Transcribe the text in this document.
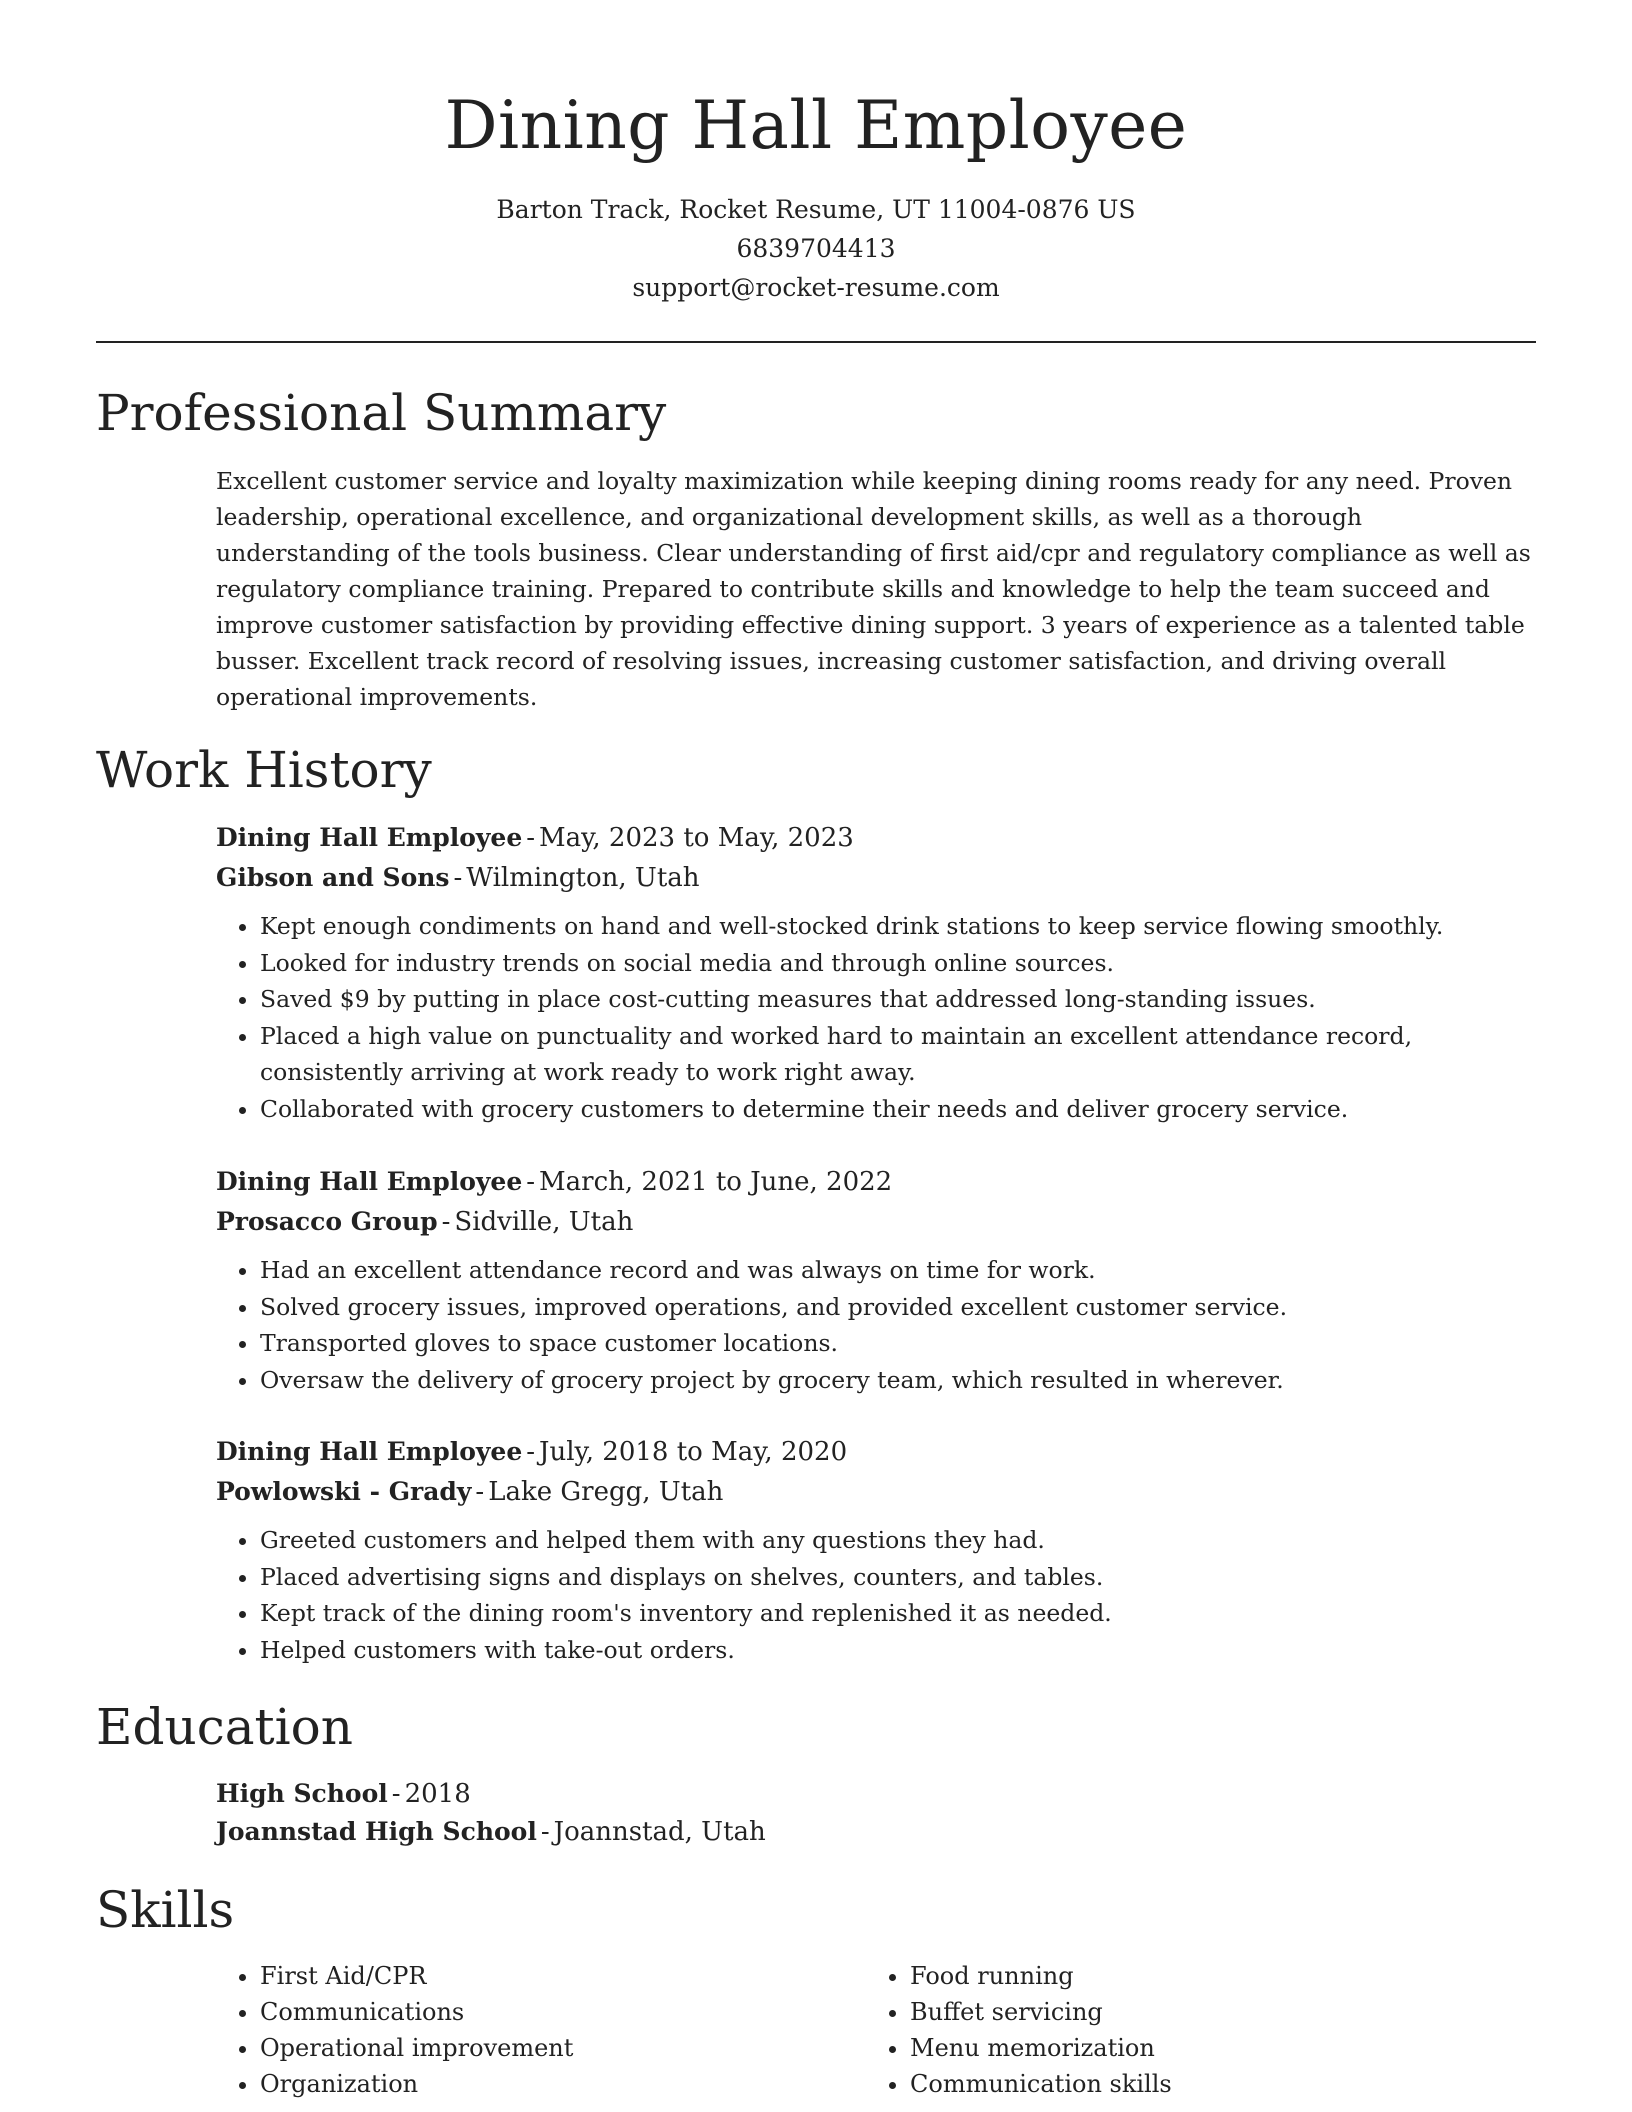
Dining Hall Employee
Barton Track, Rocket Resume, UT 11004-0876 US
6839704413
support@rocket-resume.com
Professional Summary

Excellent customer service and loyalty maximization while keeping dining rooms ready for any need. Proven leadership, operational excellence, and organizational development skills, as well as a thorough understanding of the tools business. Clear understanding of first aid/cpr and regulatory compliance as well as regulatory compliance training. Prepared to contribute skills and knowledge to help the team succeed and improve customer satisfaction by providing effective dining support. 3 years of experience as a talented table busser. Excellent track record of resolving issues, increasing customer satisfaction, and driving overall operational improvements.

Work History
Dining Hall Employee - May, 2023 to May, 2023
Gibson and Sons - Wilmington, Utah
• Kept enough condiments on hand and well-stocked drink stations to keep service flowing smoothly.
• Looked for industry trends on social media and through online sources.
• Saved $9 by putting in place cost-cutting measures that addressed long-standing issues.
• Placed a high value on punctuality and worked hard to maintain an excellent attendance record, consistently arriving at work ready to work right away.
• Collaborated with grocery customers to determine their needs and deliver grocery service.
Dining Hall Employee - March, 2021 to June, 2022
Prosacco Group - Sidville, Utah
• Had an excellent attendance record and was always on time for work.
• Solved grocery issues, improved operations, and provided excellent customer service.
• Transported gloves to space customer locations.
• Oversaw the delivery of grocery project by grocery team, which resulted in wherever.
Dining Hall Employee - July, 2018 to May, 2020
Powlowski - Grady - Lake Gregg, Utah
• Greeted customers and helped them with any questions they had.
• Placed advertising signs and displays on shelves, counters, and tables.
• Kept track of the dining room's inventory and replenished it as needed.
• Helped customers with take-out orders.
Education
High School - 2018
Joannstad High School - Joannstad, Utah
Skills
• First Aid/CPR
• Communications
• Operational improvement
• Organization
• Food running
• Buffet servicing
• Menu memorization
• Communication skills
